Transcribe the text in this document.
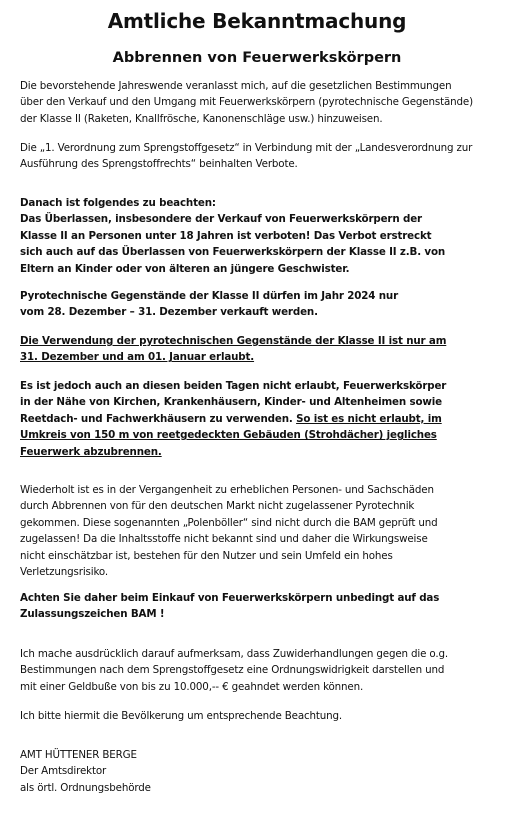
Amtliche Bekanntmachung
Abbrennen von Feuerwerkskörpern

Die bevorstehende Jahreswende veranlasst mich, auf die gesetzlichen Bestimmungen
über den Verkauf und den Umgang mit Feuerwerkskörpern (pyrotechnische Gegenstände)
der Klasse II (Raketen, Knallfrösche, Kanonenschläge usw.) hinzuweisen.

Die „1. Verordnung zum Sprengstoffgesetz“ in Verbindung mit der „Landesverordnung zur
Ausführung des Sprengstoffrechts“ beinhalten Verbote.

Danach ist folgendes zu beachten:
Das Überlassen, insbesondere der Verkauf von Feuerwerkskörpern der
Klasse II an Personen unter 18 Jahren ist verboten! Das Verbot erstreckt
sich auch auf das Überlassen von Feuerwerkskörpern der Klasse II z.B. von
Eltern an Kinder oder von älteren an jüngere Geschwister.

Pyrotechnische Gegenstände der Klasse II dürfen im Jahr 2024 nur
vom 28. Dezember – 31. Dezember verkauft werden.

Die Verwendung der pyrotechnischen Gegenstände der Klasse II ist nur am
31. Dezember und am 01. Januar erlaubt.

Es ist jedoch auch an diesen beiden Tagen nicht erlaubt, Feuerwerkskörper
in der Nähe von Kirchen, Krankenhäusern, Kinder- und Altenheimen sowie
Reetdach- und Fachwerkhäusern zu verwenden. So ist es nicht erlaubt, im
Umkreis von 150 m von reetgedeckten Gebäuden (Strohdächer) jegliches
Feuerwerk abzubrennen.

Wiederholt ist es in der Vergangenheit zu erheblichen Personen- und Sachschäden
durch Abbrennen von für den deutschen Markt nicht zugelassener Pyrotechnik
gekommen. Diese sogenannten „Polenböller“ sind nicht durch die BAM geprüft und
zugelassen! Da die Inhaltsstoffe nicht bekannt sind und daher die Wirkungsweise
nicht einschätzbar ist, bestehen für den Nutzer und sein Umfeld ein hohes
Verletzungsrisiko.

Achten Sie daher beim Einkauf von Feuerwerkskörpern unbedingt auf das
Zulassungszeichen BAM !

Ich mache ausdrücklich darauf aufmerksam, dass Zuwiderhandlungen gegen die o.g.
Bestimmungen nach dem Sprengstoffgesetz eine Ordnungswidrigkeit darstellen und
mit einer Geldbuße von bis zu 10.000,-- € geahndet werden können.

Ich bitte hiermit die Bevölkerung um entsprechende Beachtung.

AMT HÜTTENER BERGE
Der Amtsdirektor
als örtl. Ordnungsbehörde
